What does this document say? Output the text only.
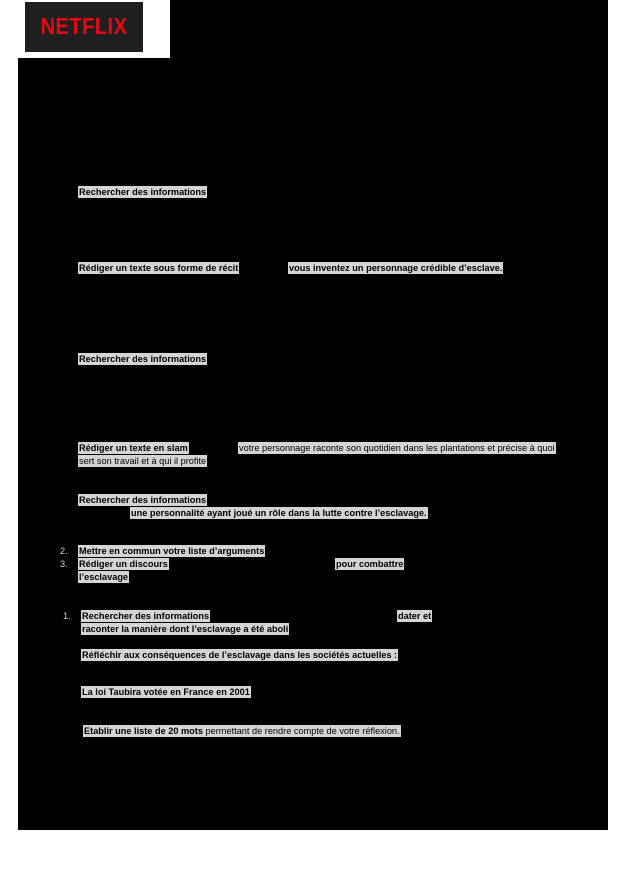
NETFLIX
Rechercher des informations
Rédiger un texte sous forme de récit	vous inventez un personnage crédible d’esclave.
Rechercher des informations
Rédiger un texte en slam	votre personnage raconte son quotidien dans les plantations et précise à quoi
sert son travail et à qui il profite
Rechercher des informations
une personnalité ayant joué un rôle dans la lutte contre l’esclavage.
2. Mettre en commun votre liste d’arguments
3. Rédiger un discours	pour combattre
l’esclavage
1. Rechercher des informations	dater et
raconter la manière dont l’esclavage a été aboli
Réfléchir aux conséquences de l’esclavage dans les sociétés actuelles :
La loi Taubira votée en France en 2001
Etablir une liste de 20 mots permettant de rendre compte de votre réflexion.
